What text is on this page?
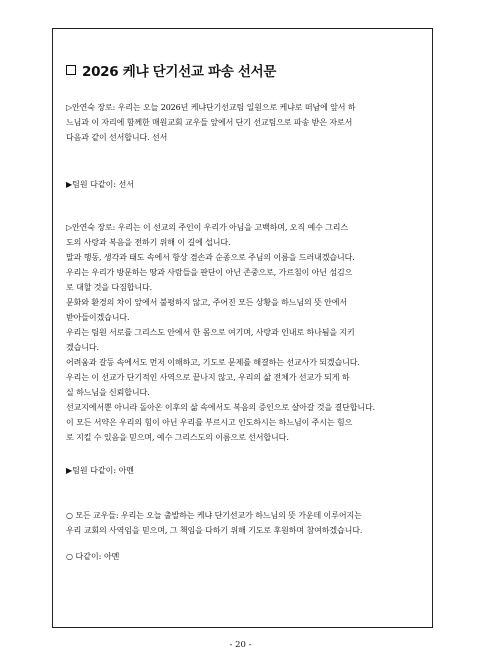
2026 케냐 단기선교 파송 선서문

▷안연숙 장로: 우리는 오늘 2026년 케냐단기선교팀 일원으로 케냐로 떠남에 앞서 하

느님과 이 자리에 함께한 매원교회 교우들 앞에서 단기 선교팀으로 파송 받은 자로서

다음과 같이 선서합니다. 선서

▶팀원 다같이: 선서

▷안연숙 장로: 우리는 이 선교의 주인이 우리가 아님을 고백하며, 오직 예수 그리스

도의 사랑과 복음을 전하기 위해 이 길에 섭니다.

말과 행동, 생각과 태도 속에서 항상 겸손과 순종으로 주님의 이름을 드러내겠습니다.

우리는 우리가 방문하는 땅과 사람들을 판단이 아닌 존중으로, 가르침이 아닌 섬김으

로 대할 것을 다짐합니다.

문화와 환경의 차이 앞에서 불평하지 않고, 주어진 모든 상황을 하느님의 뜻 안에서

받아들이겠습니다.

우리는 팀원 서로를 그리스도 안에서 한 몸으로 여기며, 사랑과 인내로 하나됨을 지키

겠습니다.

어려움과 갈등 속에서도 먼저 이해하고, 기도로 문제를 해결하는 선교사가 되겠습니다.

우리는 이 선교가 단기적인 사역으로 끝나지 않고, 우리의 삶 전체가 선교가 되게 하

실 하느님을 신뢰합니다.

선교지에서뿐 아니라 돌아온 이후의 삶 속에서도 복음의 증인으로 살아갈 것을 결단합니다.

이 모든 서약은 우리의 힘이 아닌 우리를 부르시고 인도하시는 하느님이 주시는 힘으

로 지킬 수 있음을 믿으며, 예수 그리스도의 이름으로 선서합니다.

▶팀원 다같이: 아멘

○ 모든 교우들: 우리는 오늘 출발하는 케냐 단기선교가 하느님의 뜻 가운데 이루어지는

우리 교회의 사역임을 믿으며, 그 책임을 다하기 위해 기도로 후원하며 참여하겠습니다.

○ 다같이: 아멘
- 20 -
